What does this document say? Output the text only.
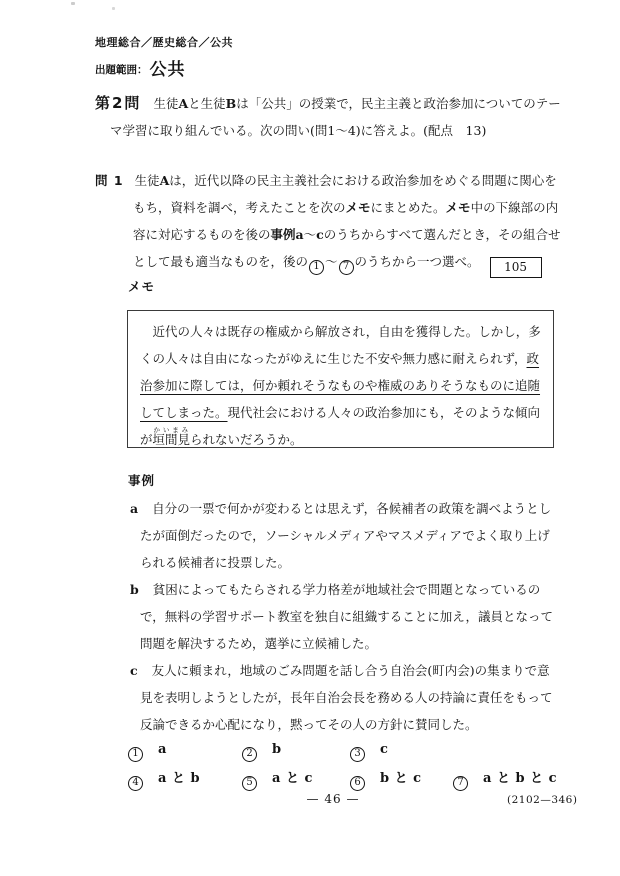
地理総合／歴史総合／公共
出題範囲： 公共
第2問 生徒Aと生徒Bは「公共」の授業で，民主主義と政治参加についてのテーマ学習に取り組んでいる。次の問い(問1～4)に答えよ。(配点　13)
問 1 生徒Aは，近代以降の民主主義社会における政治参加をめぐる問題に関心をもち，資料を調べ，考えたことを次のメモにまとめた。メモ中の下線部の内容に対応するものを後の事例a～cのうちからすべて選んだとき，その組合せとして最も適当なものを，後の 1 ～ 7 のうちから一つ選べ。 105
メモ

近代の人々は既存の権威から解放され，自由を獲得した。しかし，多くの人々は自由になったがゆえに生じた不安や無力感に耐えられず，政治参加に際しては，何か頼れそうなものや権威のありそうなものに追随してしまった。現代社会における人々の政治参加にも，そのような傾向が垣間見かいまみられないだろうか。

事例
a 自分の一票で何かが変わるとは思えず，各候補者の政策を調べようとしたが面倒だったので，ソーシャルメディアやマスメディアでよく取り上げられる候補者に投票した。
b 貧困によってもたらされる学力格差が地域社会で問題となっているので，無料の学習サポート教室を独自に組織することに加え，議員となって問題を解決するため，選挙に立候補した。
c 友人に頼まれ，地域のごみ問題を話し合う自治会(町内会)の集まりで意見を表明しようとしたが，長年自治会長を務める人の持論に責任をもって反論できるか心配になり，黙ってその人の方針に賛同した。
1 a	2 b	3 c
4 a と b	5 a と c	6 b と c	7 a と b と c
— 46 —	(2102—346)
